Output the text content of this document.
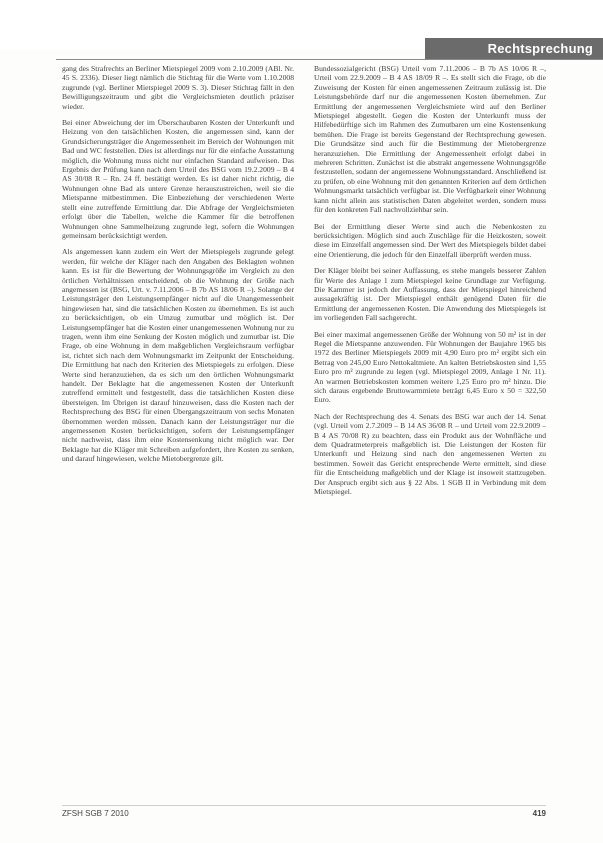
Rechtsprechung

gang des Strafrechts an Berliner Mietspiegel 2009 vom 2.10.2009 (ABl. Nr. 45 S. 2336). Dieser liegt nämlich die Stichtag für die Werte vom 1.10.2008 zugrunde (vgl. Berliner Mietspiegel 2009 S. 3). Dieser Stichtag fällt in den Bewilligungszeitraum und gibt die Vergleichsmieten deutlich präziser wieder.

Bei einer Abweichung der im Überschaubaren Kosten der Unterkunft und Heizung von den tatsächlichen Kosten, die angemessen sind, kann der Grundsicherungsträger die Angemessenheit im Bereich der Wohnungen mit Bad und WC feststellen. Dies ist allerdings nur für die einfache Ausstattung möglich, die Wohnung muss nicht nur einfachen Standard aufweisen. Das Ergebnis der Prüfung kann nach dem Urteil des BSG vom 19.2.2009 – B 4 AS 30/08 R – Rn. 24 ff. bestätigt werden. Es ist daher nicht richtig, die Wohnungen ohne Bad als untere Grenze herauszustreichen, weil sie die Mietspanne mitbestimmen. Die Einbeziehung der verschiedenen Werte stellt eine zutreffende Ermittlung dar. Die Abfrage der Vergleichsmieten erfolgt über die Tabellen, welche die Kammer für die betroffenen Wohnungen ohne Sammelheizung zugrunde legt, sofern die Wohnungen gemeinsam berücksichtigt werden.

Als angemessen kann zudem ein Wert der Mietspiegels zugrunde gelegt werden, für welche der Kläger nach den Angaben des Beklagten wohnen kann. Es ist für die Bewertung der Wohnungsgröße im Vergleich zu den örtlichen Verhältnissen entscheidend, ob die Wohnung der Größe nach angemessen ist (BSG, Urt. v. 7.11.2006 – B 7b AS 18/06 R –). Solange der Leistungsträger den Leistungsempfänger nicht auf die Unangemessenheit hingewiesen hat, sind die tatsächlichen Kosten zu übernehmen. Es ist auch zu berücksichtigen, ob ein Umzug zumutbar und möglich ist. Der Leistungsempfänger hat die Kosten einer unangemessenen Wohnung nur zu tragen, wenn ihm eine Senkung der Kosten möglich und zumutbar ist. Die Frage, ob eine Wohnung in dem maßgeblichen Vergleichsraum verfügbar ist, richtet sich nach dem Wohnungsmarkt im Zeitpunkt der Entscheidung. Die Ermittlung hat nach den Kriterien des Mietspiegels zu erfolgen. Diese Werte sind heranzuziehen, da es sich um den örtlichen Wohnungsmarkt handelt. Der Beklagte hat die angemessenen Kosten der Unterkunft zutreffend ermittelt und festgestellt, dass die tatsächlichen Kosten diese übersteigen. Im Übrigen ist darauf hinzuweisen, dass die Kosten nach der Rechtsprechung des BSG für einen Übergangszeitraum von sechs Monaten übernommen werden müssen. Danach kann der Leistungsträger nur die angemessenen Kosten berücksichtigen, sofern der Leistungsempfänger nicht nachweist, dass ihm eine Kostensenkung nicht möglich war. Der Beklagte hat die Kläger mit Schreiben aufgefordert, ihre Kosten zu senken, und darauf hingewiesen, welche Mietobergrenze gilt.

Bundessozialgericht (BSG) Urteil vom 7.11.2006 – B 7b AS 10/06 R –, Urteil vom 22.9.2009 – B 4 AS 18/09 R –. Es stellt sich die Frage, ob die Zuweisung der Kosten für einen angemessenen Zeitraum zulässig ist. Die Leistungsbehörde darf nur die angemessenen Kosten übernehmen. Zur Ermittlung der angemessenen Vergleichsmiete wird auf den Berliner Mietspiegel abgestellt. Gegen die Kosten der Unterkunft muss der Hilfebedürftige sich im Rahmen des Zumutbaren um eine Kostensenkung bemühen. Die Frage ist bereits Gegenstand der Rechtsprechung gewesen. Die Grundsätze sind auch für die Bestimmung der Mietobergrenze heranzuziehen. Die Ermittlung der Angemessenheit erfolgt dabei in mehreren Schritten. Zunächst ist die abstrakt angemessene Wohnungsgröße festzustellen, sodann der angemessene Wohnungsstandard. Anschließend ist zu prüfen, ob eine Wohnung mit den genannten Kriterien auf dem örtlichen Wohnungsmarkt tatsächlich verfügbar ist. Die Verfügbarkeit einer Wohnung kann nicht allein aus statistischen Daten abgeleitet werden, sondern muss für den konkreten Fall nachvollziehbar sein.

Bei der Ermittlung dieser Werte sind auch die Nebenkosten zu berücksichtigen. Möglich sind auch Zuschläge für die Heizkosten, soweit diese im Einzelfall angemessen sind. Der Wert des Mietspiegels bildet dabei eine Orientierung, die jedoch für den Einzelfall überprüft werden muss.

Der Kläger bleibt bei seiner Auffassung, es stehe mangels besserer Zahlen für Werte des Anlage 1 zum Mietspiegel keine Grundlage zur Verfügung. Die Kammer ist jedoch der Auffassung, dass der Mietspiegel hinreichend aussagekräftig ist. Der Mietspiegel enthält genügend Daten für die Ermittlung der angemessenen Kosten. Die Anwendung des Mietspiegels ist im vorliegenden Fall sachgerecht.

Bei einer maximal angemessenen Größe der Wohnung von 50 m² ist in der Regel die Mietspanne anzuwenden. Für Wohnungen der Baujahre 1965 bis 1972 des Berliner Mietspiegels 2009 mit 4,90 Euro pro m² ergibt sich ein Betrag von 245,00 Euro Nettokaltmiete. An kalten Betriebskosten sind 1,55 Euro pro m² zugrunde zu legen (vgl. Mietspiegel 2009, Anlage 1 Nr. 11). An warmen Betriebskosten kommen weitere 1,25 Euro pro m² hinzu. Die sich daraus ergebende Bruttowarmmiete beträgt 6,45 Euro x 50 = 322,50 Euro.

Nach der Rechtsprechung des 4. Senats des BSG war auch der 14. Senat (vgl. Urteil vom 2.7.2009 – B 14 AS 36/08 R – und Urteil vom 22.9.2009 – B 4 AS 70/08 R) zu beachten, dass ein Produkt aus der Wohnfläche und dem Quadratmeterpreis maßgeblich ist. Die Leistungen der Kosten für Unterkunft und Heizung sind nach den angemessenen Werten zu bestimmen. Soweit das Gericht entsprechende Werte ermittelt, sind diese für die Entscheidung maßgeblich und der Klage ist insoweit stattzugeben. Der Anspruch ergibt sich aus § 22 Abs. 1 SGB II in Verbindung mit dem Mietspiegel.

ZFSH SGB 7 2010	419
